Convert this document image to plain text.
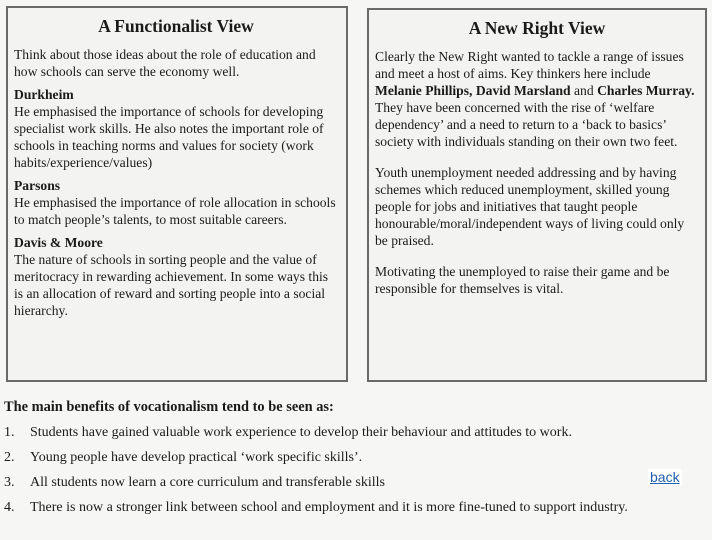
A Functionalist View

Think about those ideas about the role of education and how schools can serve the economy well.

Durkheim

He emphasised the importance of schools for developing specialist work skills. He also notes the important role of schools in teaching norms and values for society (work habits/experience/values)

Parsons

He emphasised the importance of role allocation in schools to match people’s talents, to most suitable careers.

Davis & Moore

The nature of schools in sorting people and the value of meritocracy in rewarding achievement. In some ways this is an allocation of reward and sorting people into a social hierarchy.

A New Right View

Clearly the New Right wanted to tackle a range of issues and meet a host of aims. Key thinkers here include Melanie Phillips, David Marsland and Charles Murray. They have been concerned with the rise of ‘welfare dependency’ and a need to return to a ‘back to basics’ society with individuals standing on their own two feet.

Youth unemployment needed addressing and by having schemes which reduced unemployment, skilled young people for jobs and initiatives that taught people honourable/moral/independent ways of living could only be praised.

Motivating the unemployed to raise their game and be responsible for themselves is vital.

The main benefits of vocationalism tend to be seen as:

1.	Students have gained valuable work experience to develop their behaviour and attitudes to work.
2.	Young people have develop practical ‘work specific skills’.
3.	All students now learn a core curriculum and transferable skills
4.	There is now a stronger link between school and employment and it is more fine-tuned to support industry.
back
